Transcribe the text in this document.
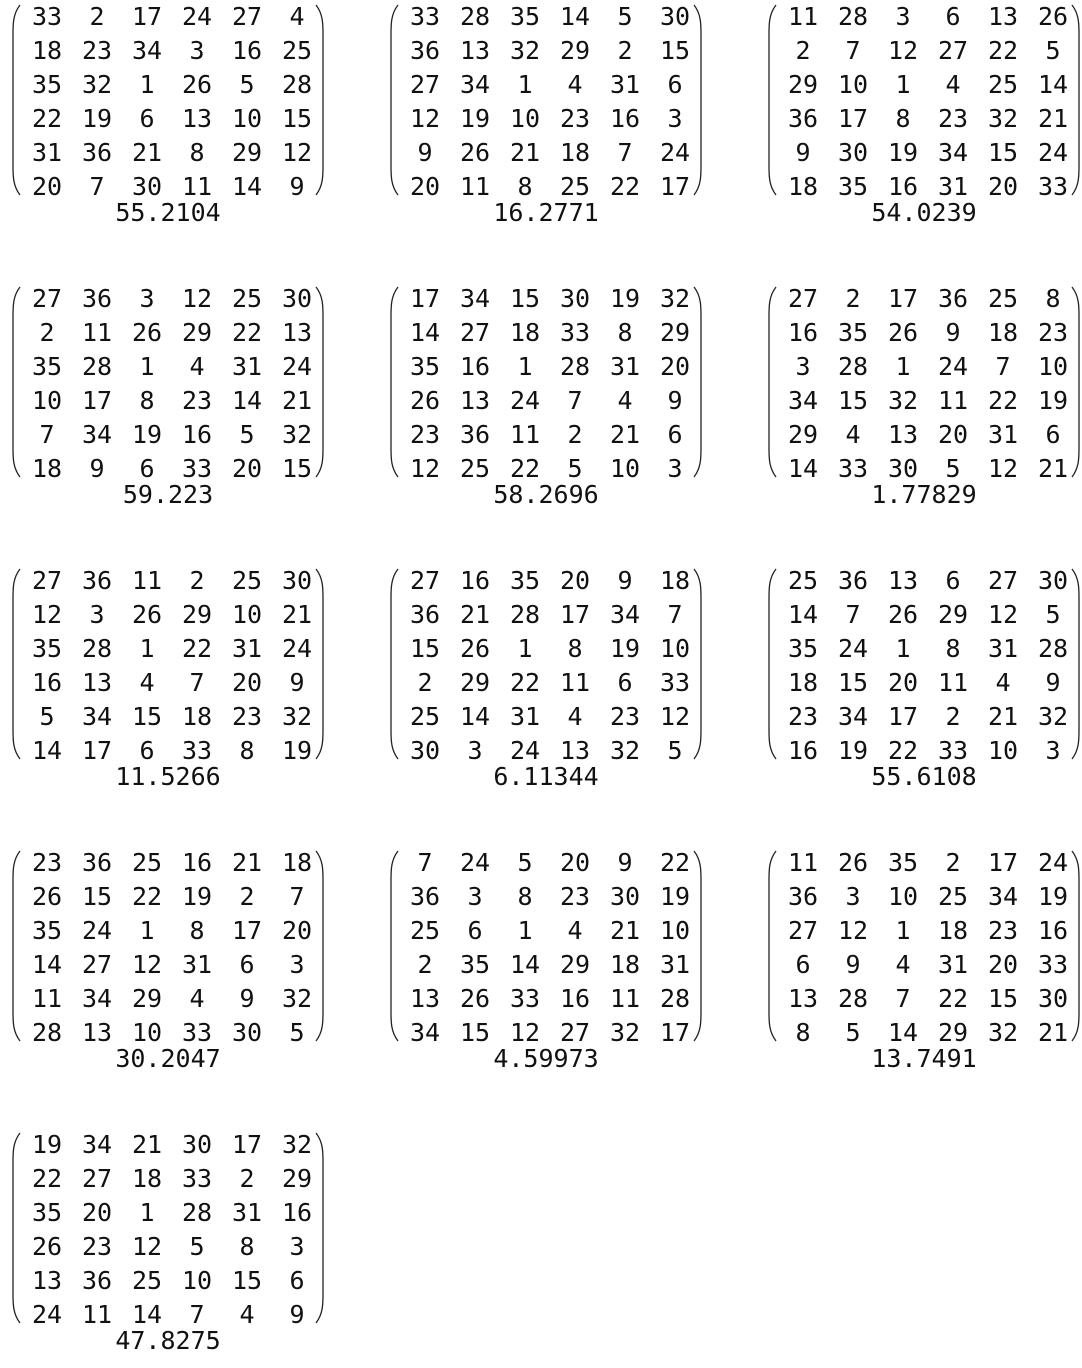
33	2	17 24 27	4
18 23 34	3	16 25
35 32	1	26	5	28
22 19	6	13 10 15
31 36 21	8	29 12
20	7	30 11 14	9
55.2104
33 28 35 14	5	30
36 13 32 29	2	15
27 34	1	4	31	6
12 19 10 23 16	3
9	26 21 18	7	24
20 11	8	25 22 17
16.2771
11 28	3	6	13 26
2	7	12 27 22	5
29 10	1	4	25 14
36 17	8	23 32 21
9	30 19 34 15 24
18 35 16 31 20 33
54.0239
27 36	3	12 25 30
2	11 26 29 22 13
35 28	1	4	31 24
10 17	8	23 14 21
7	34 19 16	5	32
18	9	6	33 20 15
59.223
17 34 15 30 19 32
14 27 18 33	8	29
35 16	1	28 31 20
26 13 24	7	4	9
23 36 11	2	21	6
12 25 22	5	10	3
58.2696
27	2	17 36 25	8
16 35 26	9	18 23
3	28	1	24	7	10
34 15 32 11 22 19
29	4	13 20 31	6
14 33 30	5	12 21
1.77829
27 36 11	2	25 30
12	3	26 29 10 21
35 28	1	22 31 24
16 13	4	7	20	9
5	34 15 18 23 32
14 17	6	33	8	19
11.5266
27 16 35 20	9	18
36 21 28 17 34	7
15 26	1	8	19 10
2	29 22 11	6	33
25 14 31	4	23 12
30	3	24 13 32	5
6.11344
25 36 13	6	27 30
14	7	26 29 12	5
35 24	1	8	31 28
18 15 20 11	4	9
23 34 17	2	21 32
16 19 22 33 10	3
55.6108
23 36 25 16 21 18
26 15 22 19	2	7
35 24	1	8	17 20
14 27 12 31	6	3
11 34 29	4	9	32
28 13 10 33 30	5
30.2047
7	24	5	20	9	22
36	3	8	23 30 19
25	6	1	4	21 10
2	35 14 29 18 31
13 26 33 16 11 28
34 15 12 27 32 17
4.59973
11 26 35	2	17 24
36	3	10 25 34 19
27 12	1	18 23 16
6	9	4	31 20 33
13 28	7	22 15 30
8	5	14 29 32 21
13.7491
19 34 21 30 17 32
22 27 18 33	2	29
35 20	1	28 31 16
26 23 12	5	8	3
13 36 25 10 15	6
24 11 14	7	4	9
47.8275
